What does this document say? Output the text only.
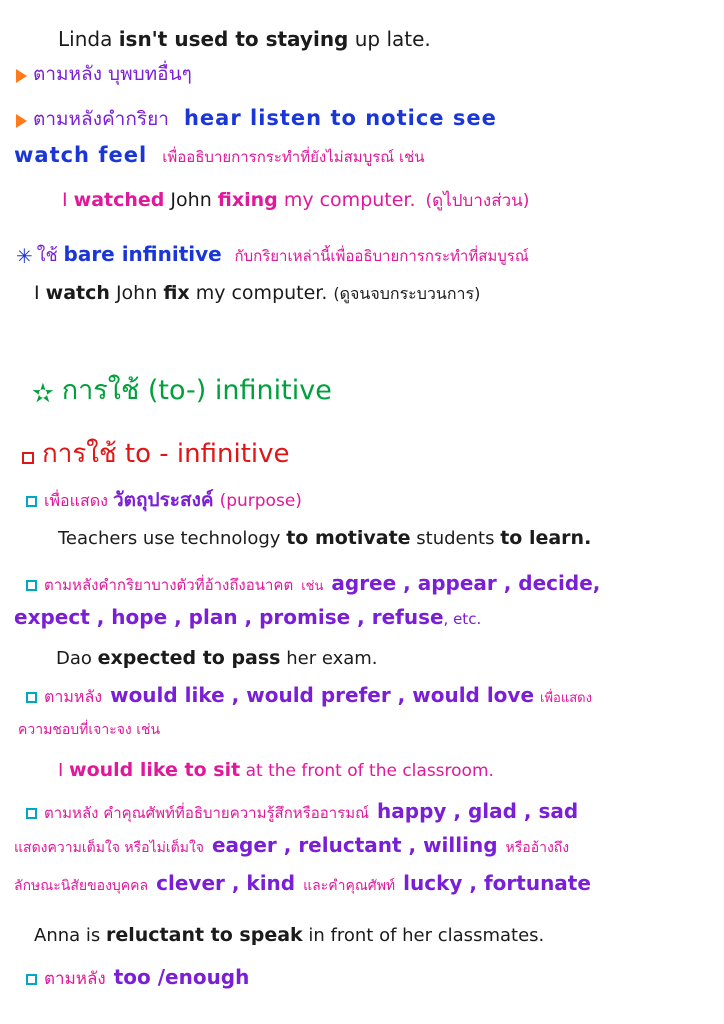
Linda isn't used to staying up late.
ตามหลัง บุพบทอื่นๆ
ตามหลังคำกริยา hear listen to notice see
watch feel เพื่ออธิบายการกระทำที่ยังไม่สมบูรณ์ เช่น
I watched John fixing my computer. (ดูไปบางส่วน)
✳ ใช้ bare infinitive กับกริยาเหล่านี้เพื่ออธิบายการกระทำที่สมบูรณ์
I watch John fix my computer. (ดูจนจบกระบวนการ)
✫ การใช้ (to-) infinitive
การใช้ to - infinitive
เพื่อแสดง วัตถุประสงค์ (purpose)
Teachers use technology to motivate students to learn.
ตามหลังคำกริยาบางตัวที่อ้างถึงอนาคต เช่น agree , appear , decide,
expect , hope , plan , promise , refuse, etc.
Dao expected to pass her exam.
ตามหลัง would like , would prefer , would love เพื่อแสดง
ความชอบที่เจาะจง เช่น
I would like to sit at the front of the classroom.
ตามหลัง คำคุณศัพท์ที่อธิบายความรู้สึกหรืออารมณ์ happy , glad , sad
แสดงความเต็มใจ หรือไม่เต็มใจ eager , reluctant , willing หรืออ้างถึง
ลักษณะนิสัยของบุคคล clever , kind และคำคุณศัพท์ lucky , fortunate
Anna is reluctant to speak in front of her classmates.
ตามหลัง too /enough
